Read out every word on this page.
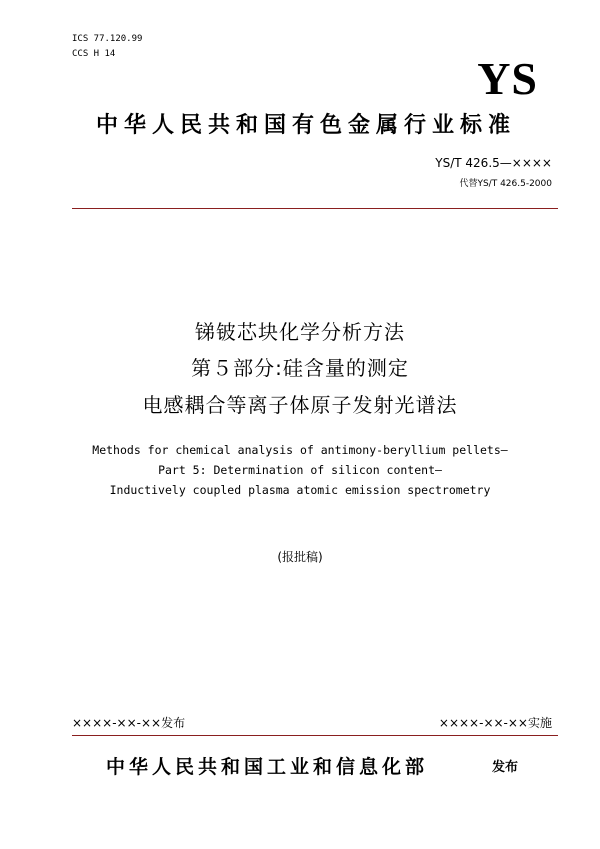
ICS 77.120.99
CCS H 14	YS
中华人民共和国有色金属行业标准
YS/T 426.5—××××
代替YS/T 426.5-2000
锑铍芯块化学分析方法
第５部分:硅含量的测定
电感耦合等离子体原子发射光谱法
Methods for chemical analysis of antimony-beryllium pellets—
Part 5: Determination of silicon content—
Inductively coupled plasma atomic emission spectrometry
(报批稿)
××××-××-××发布	××××-××-××实施
中华人民共和国工业和信息化部	发布
